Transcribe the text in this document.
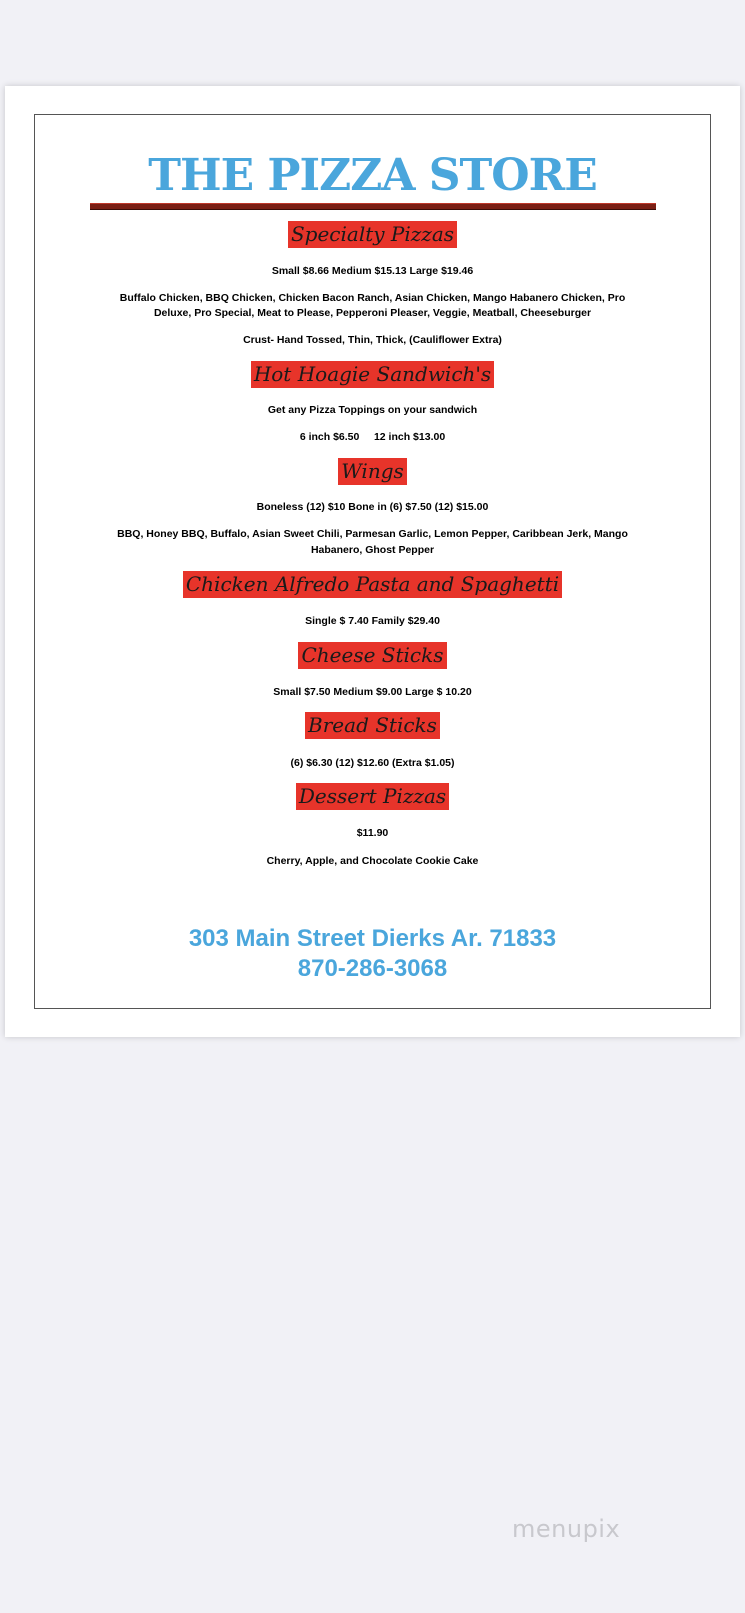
THE PIZZA STORE
Specialty Pizzas
Small $8.66 Medium $15.13 Large $19.46
Buffalo Chicken, BBQ Chicken, Chicken Bacon Ranch, Asian Chicken, Mango Habanero Chicken, Pro
Deluxe, Pro Special, Meat to Please, Pepperoni Pleaser, Veggie, Meatball, Cheeseburger
Crust- Hand Tossed, Thin, Thick, (Cauliflower Extra)
Hot Hoagie Sandwich's
Get any Pizza Toppings on your sandwich
6 inch $6.50     12 inch $13.00
Wings
Boneless (12) $10 Bone in (6) $7.50 (12) $15.00
BBQ, Honey BBQ, Buffalo, Asian Sweet Chili, Parmesan Garlic, Lemon Pepper, Caribbean Jerk, Mango
Habanero, Ghost Pepper
Chicken Alfredo Pasta and Spaghetti
Single $ 7.40 Family $29.40
Cheese Sticks
Small $7.50 Medium $9.00 Large $ 10.20
Bread Sticks
(6) $6.30 (12) $12.60 (Extra $1.05)
Dessert Pizzas
$11.90
Cherry, Apple, and Chocolate Cookie Cake
303 Main Street Dierks Ar. 71833
870-286-3068
menupix
